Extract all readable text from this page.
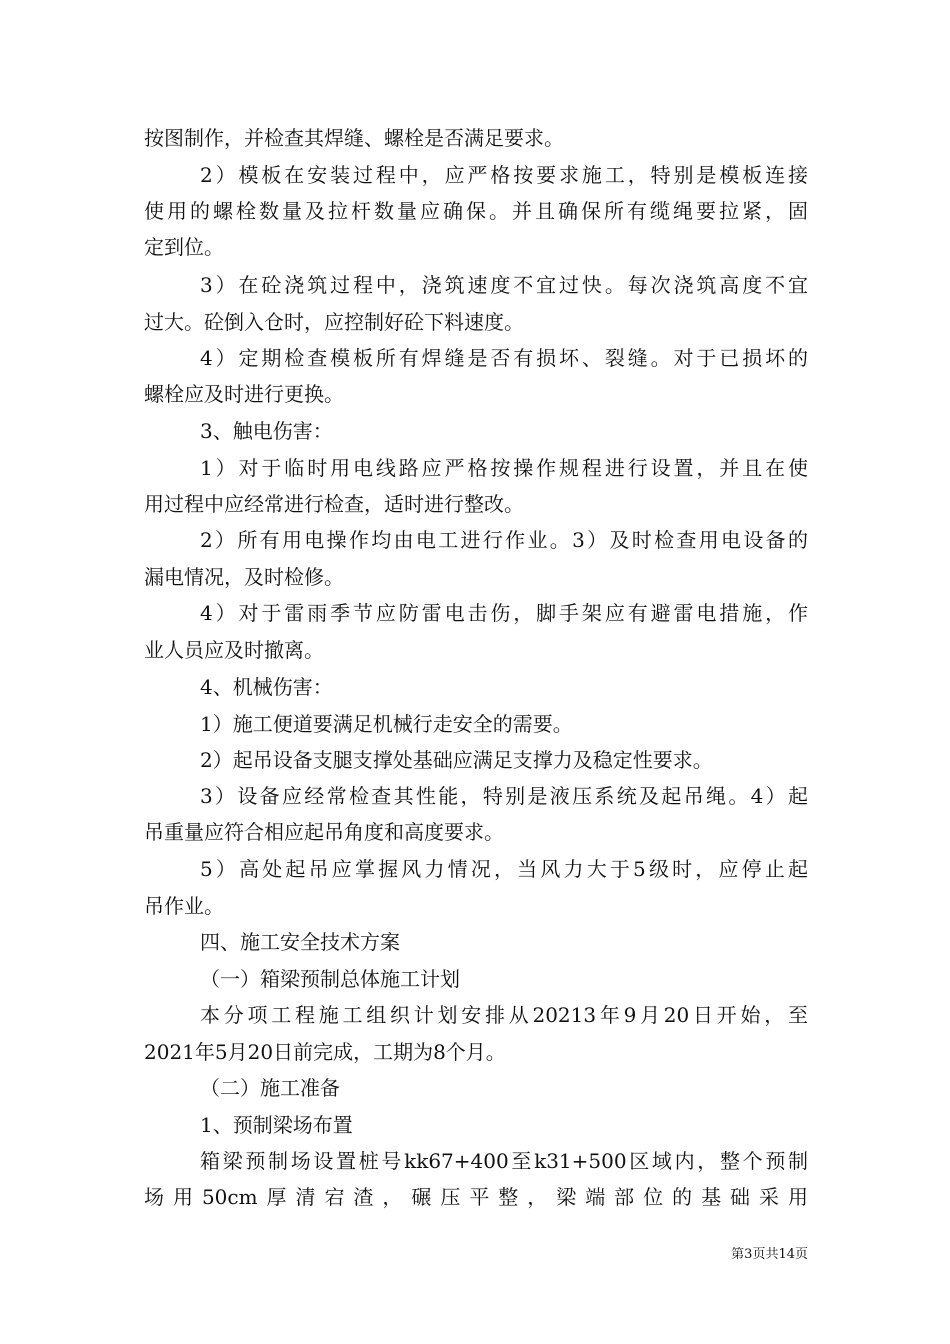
按图制作，并检查其焊缝、螺栓是否满足要求。
2）模板在安装过程中，应严格按要求施工，特别是模板连接
使用的螺栓数量及拉杆数量应确保。并且确保所有缆绳要拉紧，固
定到位。
3）在砼浇筑过程中，浇筑速度不宜过快。每次浇筑高度不宜
过大。砼倒入仓时，应控制好砼下料速度。
4）定期检查模板所有焊缝是否有损坏、裂缝。对于已损坏的
螺栓应及时进行更换。
3、触电伤害：
1）对于临时用电线路应严格按操作规程进行设置，并且在使
用过程中应经常进行检查，适时进行整改。
2）所有用电操作均由电工进行作业。3）及时检查用电设备的
漏电情况，及时检修。
4）对于雷雨季节应防雷电击伤，脚手架应有避雷电措施，作
业人员应及时撤离。
4、机械伤害：
1）施工便道要满足机械行走安全的需要。
2）起吊设备支腿支撑处基础应满足支撑力及稳定性要求。
3）设备应经常检查其性能，特别是液压系统及起吊绳。4）起
吊重量应符合相应起吊角度和高度要求。
5）高处起吊应掌握风力情况，当风力大于5级时，应停止起
吊作业。
四、施工安全技术方案
（一）箱梁预制总体施工计划
本分项工程施工组织计划安排从20213年9月20日开始，至
2021年5月20日前完成，工期为8个月。
（二）施工准备
1、预制梁场布置
箱梁预制场设置桩号kk67+400至k31+500区域内，整个预制
场用50cm厚清宕渣，碾压平整，梁端部位的基础采用
第3页共14页
